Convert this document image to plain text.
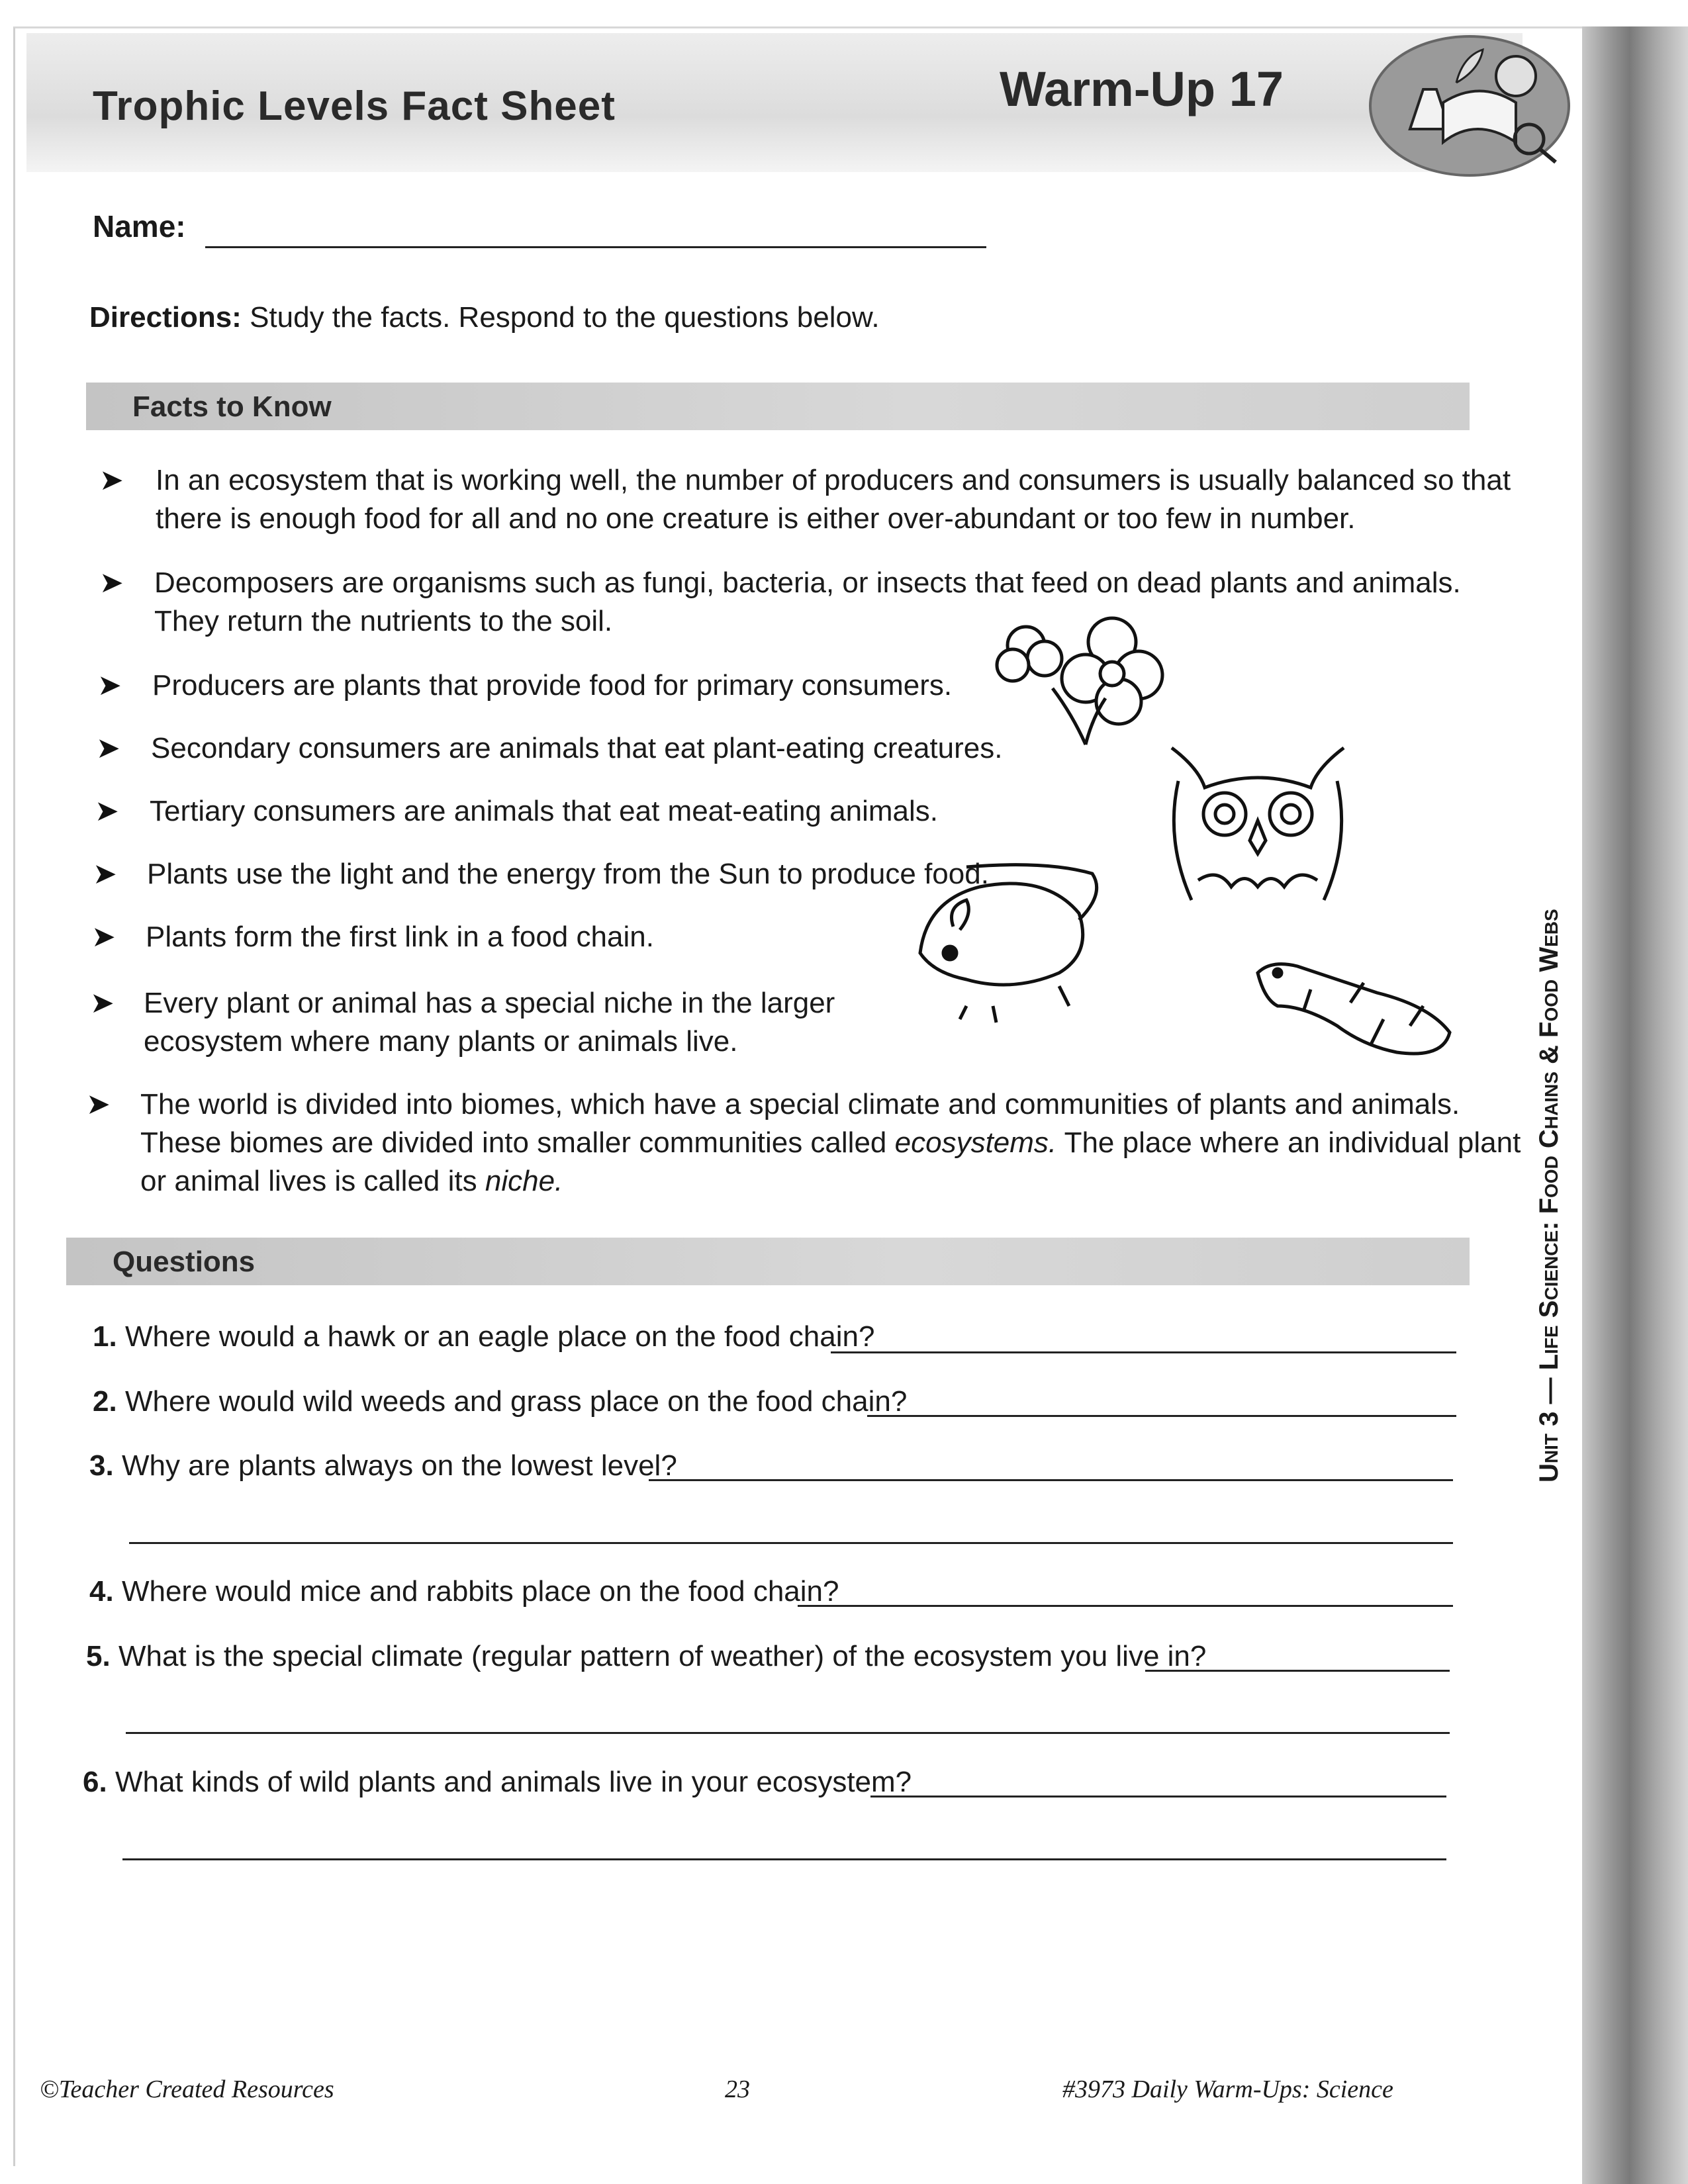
Trophic Levels Fact Sheet	Warm-Up 17
Name:
Directions: Study the facts. Respond to the questions below.
Facts to Know
➤ In an ecosystem that is working well, the number of producers and consumers is usually balanced so that
there is enough food for all and no one creature is either over-abundant or too few in number.
➤ Decomposers are organisms such as fungi, bacteria, or insects that feed on dead plants and animals.
They return the nutrients to the soil.
➤ Producers are plants that provide food for primary consumers.
➤ Secondary consumers are animals that eat plant-eating creatures.
➤ Tertiary consumers are animals that eat meat-eating animals.
➤ Plants use the light and the energy from the Sun to produce food.
➤ Plants form the first link in a food chain.
➤ Every plant or animal has a special niche in the larger
ecosystem where many plants or animals live.
➤ The world is divided into biomes, which have a special climate and communities of plants and animals.
These biomes are divided into smaller communities called ecosystems. The place where an individual plant
or animal lives is called its niche.
Questions
1. Where would a hawk or an eagle place on the food chain?
2. Where would wild weeds and grass place on the food chain?
3. Why are plants always on the lowest level?
4. Where would mice and rabbits place on the food chain?
5. What is the special climate (regular pattern of weather) of the ecosystem you live in?
6. What kinds of wild plants and animals live in your ecosystem?
Unit 3 — Life Science: Food Chains & Food Webs
©Teacher Created Resources	23	#3973 Daily Warm-Ups: Science
